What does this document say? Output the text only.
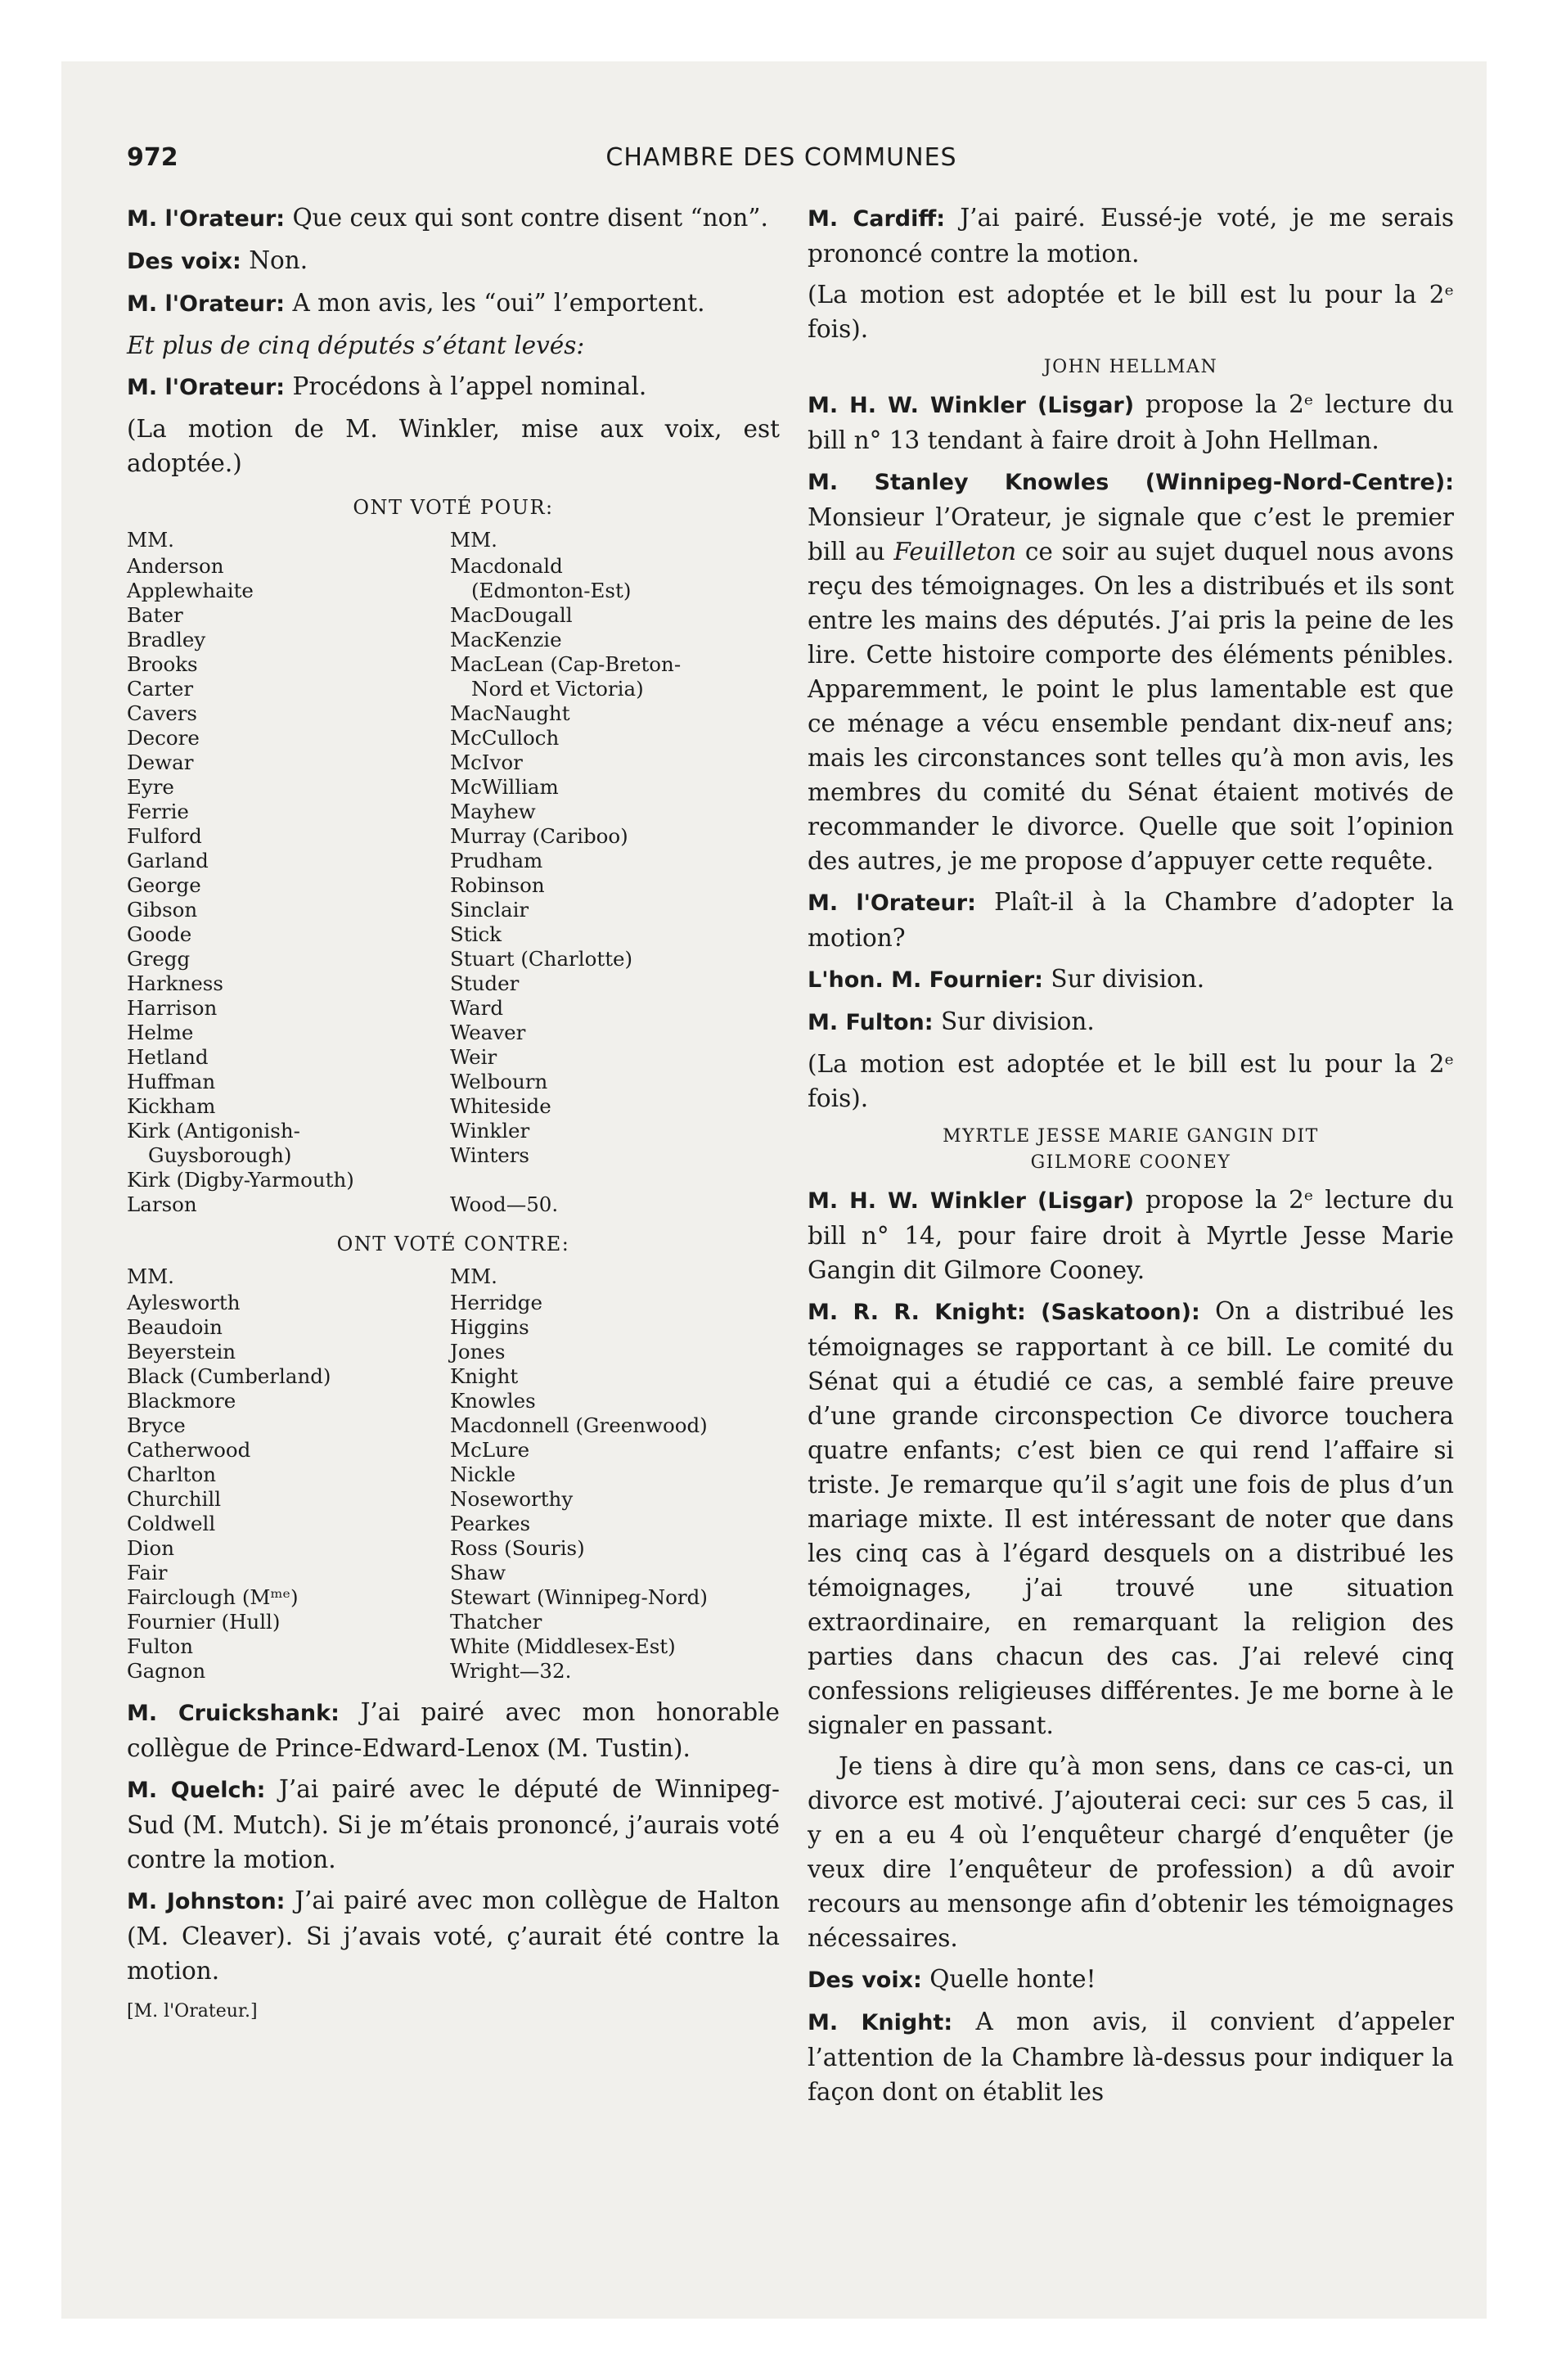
972	CHAMBRE DES COMMUNES

M. l'Orateur: Que ceux qui sont contre disent “non”.

Des voix: Non.

M. l'Orateur: A mon avis, les “oui” l’emportent.

Et plus de cinq députés s’étant levés:

M. l'Orateur: Procédons à l’appel nominal.

(La motion de M. Winkler, mise aux voix, est adoptée.)

ONT VOTÉ POUR:
MM.
Anderson
Applewhaite
Bater
Bradley
Brooks
Carter
Cavers
Decore
Dewar
Eyre
Ferrie
Fulford
Garland
George
Gibson
Goode
Gregg
Harkness
Harrison
Helme
Hetland
Huffman
Kickham
Kirk (Antigonish-
Guysborough)
Kirk (Digby-Yarmouth)
Larson
MM.
Macdonald
(Edmonton-Est)
MacDougall
MacKenzie
MacLean (Cap-Breton-
Nord et Victoria)
MacNaught
McCulloch
McIvor
McWilliam
Mayhew
Murray (Cariboo)
Prudham
Robinson
Sinclair
Stick
Stuart (Charlotte)
Studer
Ward
Weaver
Weir
Welbourn
Whiteside
Winkler
Winters

Wood—50.
ONT VOTÉ CONTRE:
MM.
Aylesworth
Beaudoin
Beyerstein
Black (Cumberland)
Blackmore
Bryce
Catherwood
Charlton
Churchill
Coldwell
Dion
Fair
Fairclough (Mᵐᵉ)
Fournier (Hull)
Fulton
Gagnon
MM.
Herridge
Higgins
Jones
Knight
Knowles
Macdonnell (Greenwood)
McLure
Nickle
Noseworthy
Pearkes
Ross (Souris)
Shaw
Stewart (Winnipeg-Nord)
Thatcher
White (Middlesex-Est)
Wright—32.

M. Cruickshank: J’ai pairé avec mon honorable collègue de Prince-Edward-Lenox (M. Tustin).

M. Quelch: J’ai pairé avec le député de Winnipeg-Sud (M. Mutch). Si je m’étais prononcé, j’aurais voté contre la motion.

M. Johnston: J’ai pairé avec mon collègue de Halton (M. Cleaver). Si j’avais voté, ç’aurait été contre la motion.

[M. l'Orateur.]

M. Cardiff: J’ai pairé. Eussé-je voté, je me serais prononcé contre la motion.

(La motion est adoptée et le bill est lu pour la 2ᵉ fois).

JOHN HELLMAN

M. H. W. Winkler (Lisgar) propose la 2ᵉ lecture du bill n° 13 tendant à faire droit à John Hellman.

M. Stanley Knowles (Winnipeg-Nord-Centre): Monsieur l’Orateur, je signale que c’est le premier bill au Feuilleton ce soir au sujet duquel nous avons reçu des témoignages. On les a distribués et ils sont entre les mains des députés. J’ai pris la peine de les lire. Cette histoire comporte des éléments pénibles. Apparemment, le point le plus lamentable est que ce ménage a vécu ensemble pendant dix-neuf ans; mais les circonstances sont telles qu’à mon avis, les membres du comité du Sénat étaient motivés de recommander le divorce. Quelle que soit l’opinion des autres, je me propose d’appuyer cette requête.

M. l'Orateur: Plaît-il à la Chambre d’adopter la motion?

L'hon. M. Fournier: Sur division.

M. Fulton: Sur division.

(La motion est adoptée et le bill est lu pour la 2ᵉ fois).

MYRTLE JESSE MARIE GANGIN DIT
GILMORE COONEY

M. H. W. Winkler (Lisgar) propose la 2ᵉ lecture du bill n° 14, pour faire droit à Myrtle Jesse Marie Gangin dit Gilmore Cooney.

M. R. R. Knight: (Saskatoon): On a distribué les témoignages se rapportant à ce bill. Le comité du Sénat qui a étudié ce cas, a semblé faire preuve d’une grande circonspection Ce divorce touchera quatre enfants; c’est bien ce qui rend l’affaire si triste. Je remarque qu’il s’agit une fois de plus d’un mariage mixte. Il est intéressant de noter que dans les cinq cas à l’égard desquels on a distribué les témoignages, j’ai trouvé une situation extraordinaire, en remarquant la religion des parties dans chacun des cas. J’ai relevé cinq confessions religieuses différentes. Je me borne à le signaler en passant.

Je tiens à dire qu’à mon sens, dans ce cas-ci, un divorce est motivé. J’ajouterai ceci: sur ces 5 cas, il y en a eu 4 où l’enquêteur chargé d’enquêter (je veux dire l’enquêteur de profession) a dû avoir recours au mensonge afin d’obtenir les témoignages nécessaires.

Des voix: Quelle honte!

M. Knight: A mon avis, il convient d’appeler l’attention de la Chambre là-dessus pour indiquer la façon dont on établit les
